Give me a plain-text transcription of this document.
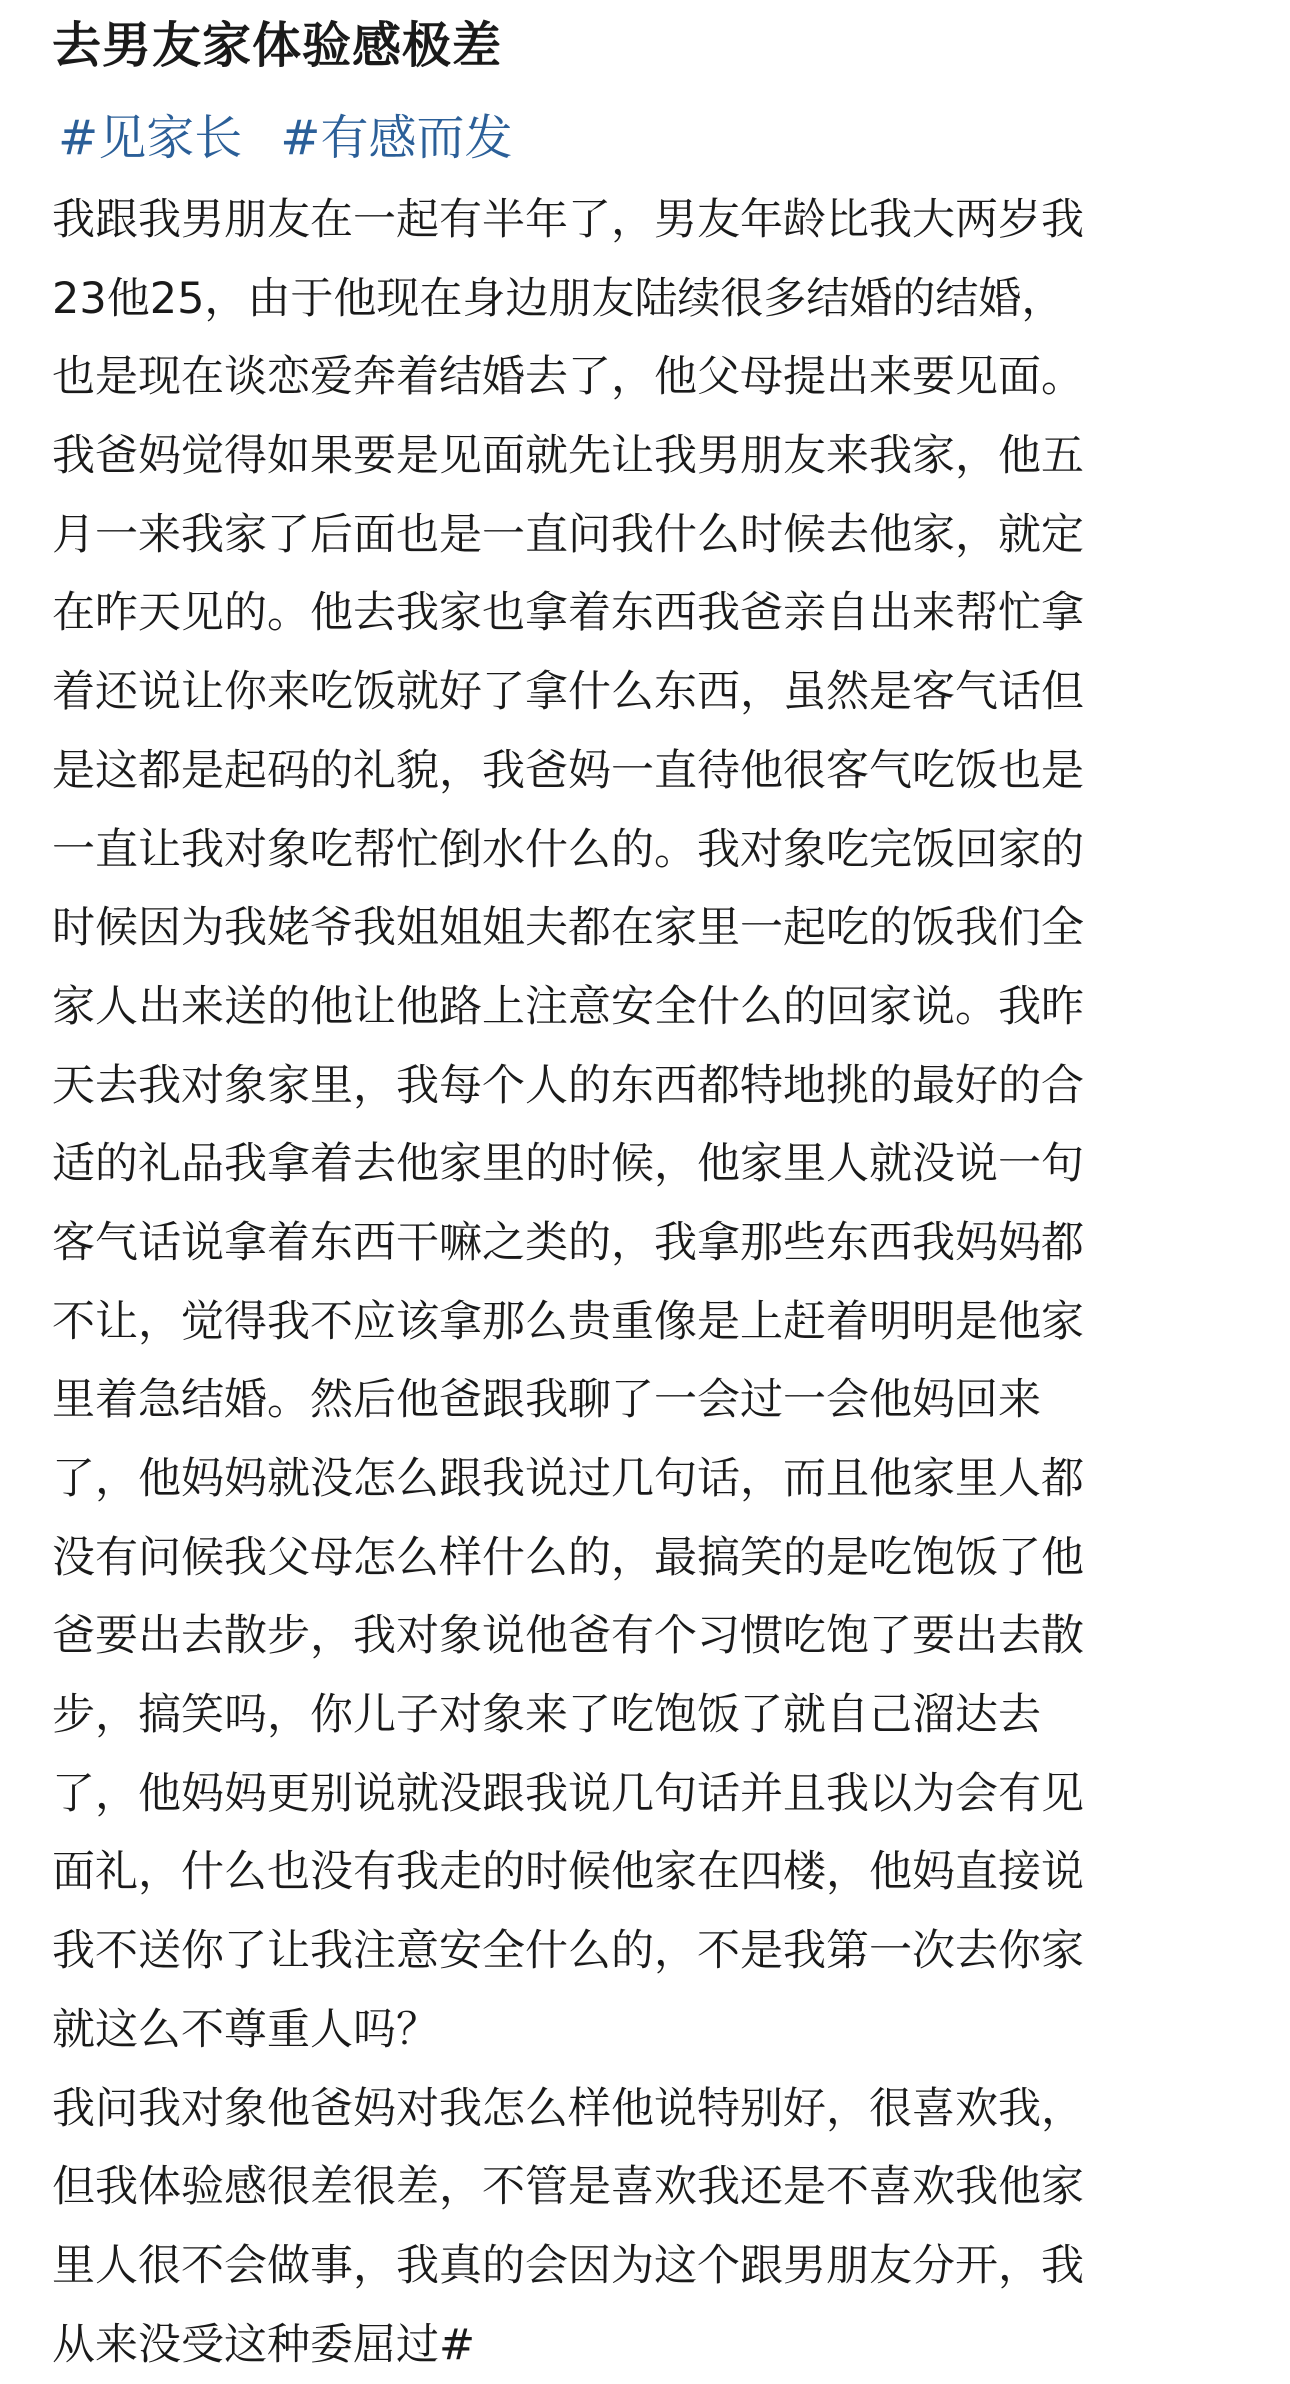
去男友家体验感极差
#见家长 #有感而发
我跟我男朋友在一起有半年了，男友年龄比我大两岁我
23他25，由于他现在身边朋友陆续很多结婚的结婚，
也是现在谈恋爱奔着结婚去了，他父母提出来要见面。
我爸妈觉得如果要是见面就先让我男朋友来我家，他五
月一来我家了后面也是一直问我什么时候去他家，就定
在昨天见的。他去我家也拿着东西我爸亲自出来帮忙拿
着还说让你来吃饭就好了拿什么东西，虽然是客气话但
是这都是起码的礼貌，我爸妈一直待他很客气吃饭也是
一直让我对象吃帮忙倒水什么的。我对象吃完饭回家的
时候因为我姥爷我姐姐姐夫都在家里一起吃的饭我们全
家人出来送的他让他路上注意安全什么的回家说。我昨
天去我对象家里，我每个人的东西都特地挑的最好的合
适的礼品我拿着去他家里的时候，他家里人就没说一句
客气话说拿着东西干嘛之类的，我拿那些东西我妈妈都
不让，觉得我不应该拿那么贵重像是上赶着明明是他家
里着急结婚。然后他爸跟我聊了一会过一会他妈回来
了，他妈妈就没怎么跟我说过几句话，而且他家里人都
没有问候我父母怎么样什么的，最搞笑的是吃饱饭了他
爸要出去散步，我对象说他爸有个习惯吃饱了要出去散
步，搞笑吗，你儿子对象来了吃饱饭了就自己溜达去
了，他妈妈更别说就没跟我说几句话并且我以为会有见
面礼，什么也没有我走的时候他家在四楼，他妈直接说
我不送你了让我注意安全什么的，不是我第一次去你家
就这么不尊重人吗？
我问我对象他爸妈对我怎么样他说特别好，很喜欢我，
但我体验感很差很差，不管是喜欢我还是不喜欢我他家
里人很不会做事，我真的会因为这个跟男朋友分开，我
从来没受这种委屈过#
